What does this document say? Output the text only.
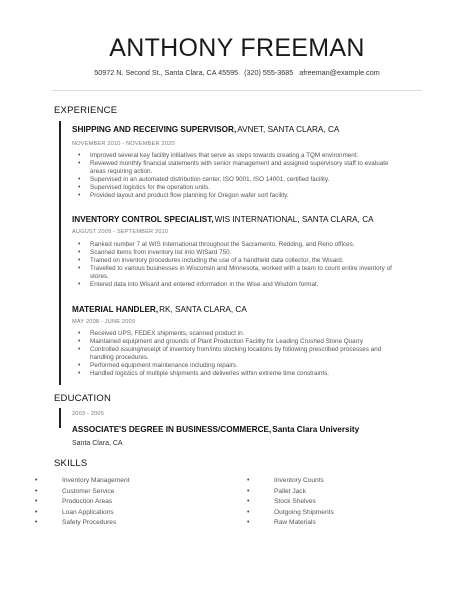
ANTHONY FREEMAN
50972 N. Second St., Santa Clara, CA 45595 (320) 555-3685 afreeman@example.com
EXPERIENCE
SHIPPING AND RECEIVING SUPERVISOR,AVNET, SANTA CLARA, CA
NOVEMBER 2010 - NOVEMBER 2020
• Improved several key facility initiatives that serve as steps towards creating a TQM environment.
• Reviewed monthly financial statements with senior management and assigned supervisory staff to evaluate areas requiring action.
• Supervised in an automated distribution center, ISO 9001, ISO 14001, certified facility.
• Supervised logistics for the operation units.
• Provided layout and product flow planning for Oregon wafer sort facility.
INVENTORY CONTROL SPECIALIST,WIS INTERNATIONAL, SANTA CLARA, CA
AUGUST 2009 - SEPTEMBER 2010
• Ranked number 7 at WIS International throughout the Sacramento, Redding, and Reno offices.
• Scanned items from inventory list into WISard 750.
• Trained on inventory procedures including the use of a handheld data collector, the Wisard.
• Travelled to various businesses in Wisconsin and Minnesota, worked with a team to count entire inventory of stores.
• Entered data into Wisard and entered information in the Wise and Wisdom format.
MATERIAL HANDLER,RK, SANTA CLARA, CA
MAY 2008 - JUNE 2009
• Received UPS, FEDEX shipments, scanned product in.
• Maintained equipment and grounds of Plant Production Facility for Leading Crushed Stone Quarry
• Controlled issuing/receipt of inventory from/into stocking locations by following prescribed processes and handling procedures.
• Performed equipment maintenance including repairs.
• Handled logistics of multiple shipments and deliveries within extreme time constraints.
EDUCATION
2003 - 2005
ASSOCIATE'S DEGREE IN BUSINESS/COMMERCE,Santa Clara University
Santa Clara, CA
SKILLS
• Inventory Management
• Customer Service
• Production Areas
• Loan Applications
• Safety Procedures
• Inventory Counts
• Pallet Jack
• Stock Shelves
• Outgoing Shipments
• Raw Materials
